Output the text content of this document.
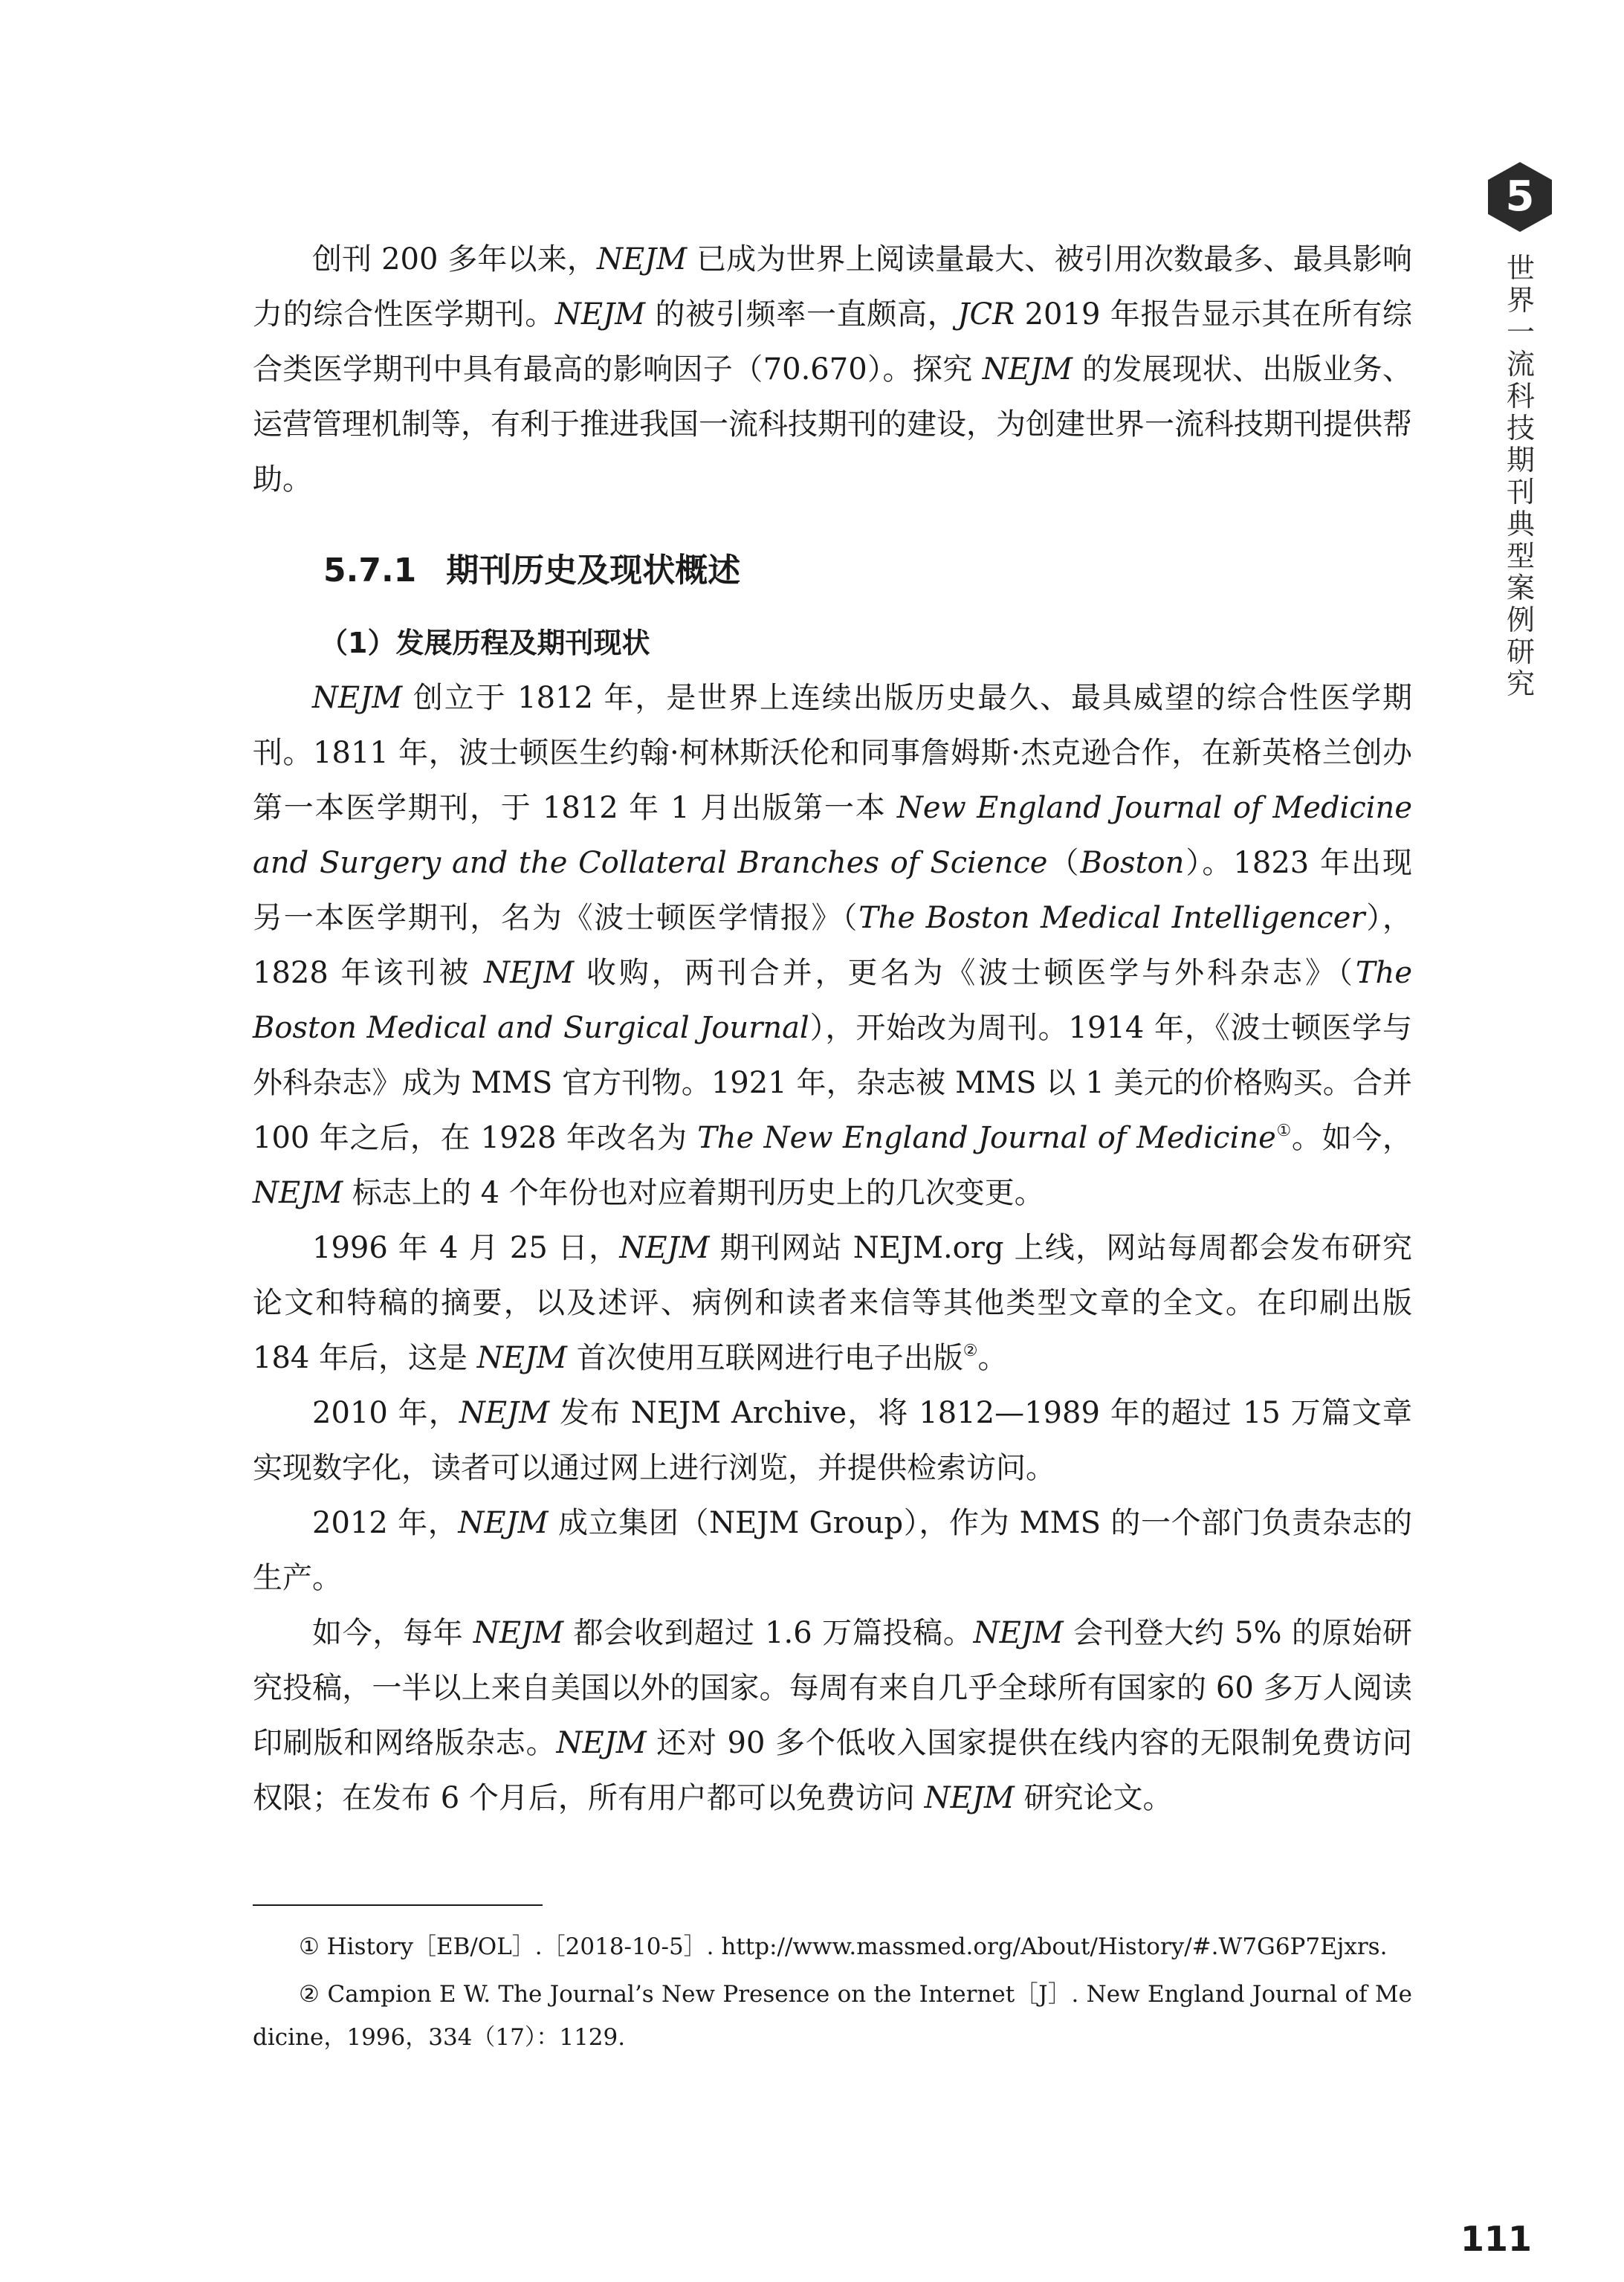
5
世界一流科技期刊典型案例研究

创刊 200 多年以来，NEJM 已成为世界上阅读量最大、被引用次数最多、最具影响力的综合性医学期刊。NEJM 的被引频率一直颇高，JCR 2019 年报告显示其在所有综合类医学期刊中具有最高的影响因子（70.670）。探究 NEJM 的发展现状、出版业务、运营管理机制等，有利于推进我国一流科技期刊的建设，为创建世界一流科技期刊提供帮助。

5.7.1 期刊历史及现状概述
（1）发展历程及期刊现状

NEJM 创立于 1812 年，是世界上连续出版历史最久、最具威望的综合性医学期刊。1811 年，波士顿医生约翰·柯林斯沃伦和同事詹姆斯·杰克逊合作，在新英格兰创办第一本医学期刊，于 1812 年 1 月出版第一本 New England Journal of Medicine and Surgery and the Collateral Branches of Science（Boston）。1823 年出现另一本医学期刊，名为《波士顿医学情报》（The Boston Medical Intelligencer），1828 年该刊被 NEJM 收购，两刊合并，更名为《波士顿医学与外科杂志》（The Boston Medical and Surgical Journal），开始改为周刊。1914 年，《波士顿医学与外科杂志》成为 MMS 官方刊物。1921 年，杂志被 MMS 以 1 美元的价格购买。合并 100 年之后，在 1928 年改名为 The New England Journal of Medicine①。如今，NEJM 标志上的 4 个年份也对应着期刊历史上的几次变更。

1996 年 4 月 25 日，NEJM 期刊网站 NEJM.org 上线，网站每周都会发布研究论文和特稿的摘要，以及述评、病例和读者来信等其他类型文章的全文。在印刷出版 184 年后，这是 NEJM 首次使用互联网进行电子出版②。

2010 年，NEJM 发布 NEJM Archive，将 1812—1989 年的超过 15 万篇文章实现数字化，读者可以通过网上进行浏览，并提供检索访问。

2012 年，NEJM 成立集团（NEJM Group），作为 MMS 的一个部门负责杂志的生产。

如今，每年 NEJM 都会收到超过 1.6 万篇投稿。NEJM 会刊登大约 5% 的原始研究投稿，一半以上来自美国以外的国家。每周有来自几乎全球所有国家的 60 多万人阅读印刷版和网络版杂志。NEJM 还对 90 多个低收入国家提供在线内容的无限制免费访问权限；在发布 6 个月后，所有用户都可以免费访问 NEJM 研究论文。

① History［EB/OL］.［2018-10-5］. http://www.massmed.org/About/History/#.W7G6P7Ejxrs.

② Campion E W. The Journal’s New Presence on the Internet［J］. New England Journal of Medicine，1996，334（17）：1129.

111
